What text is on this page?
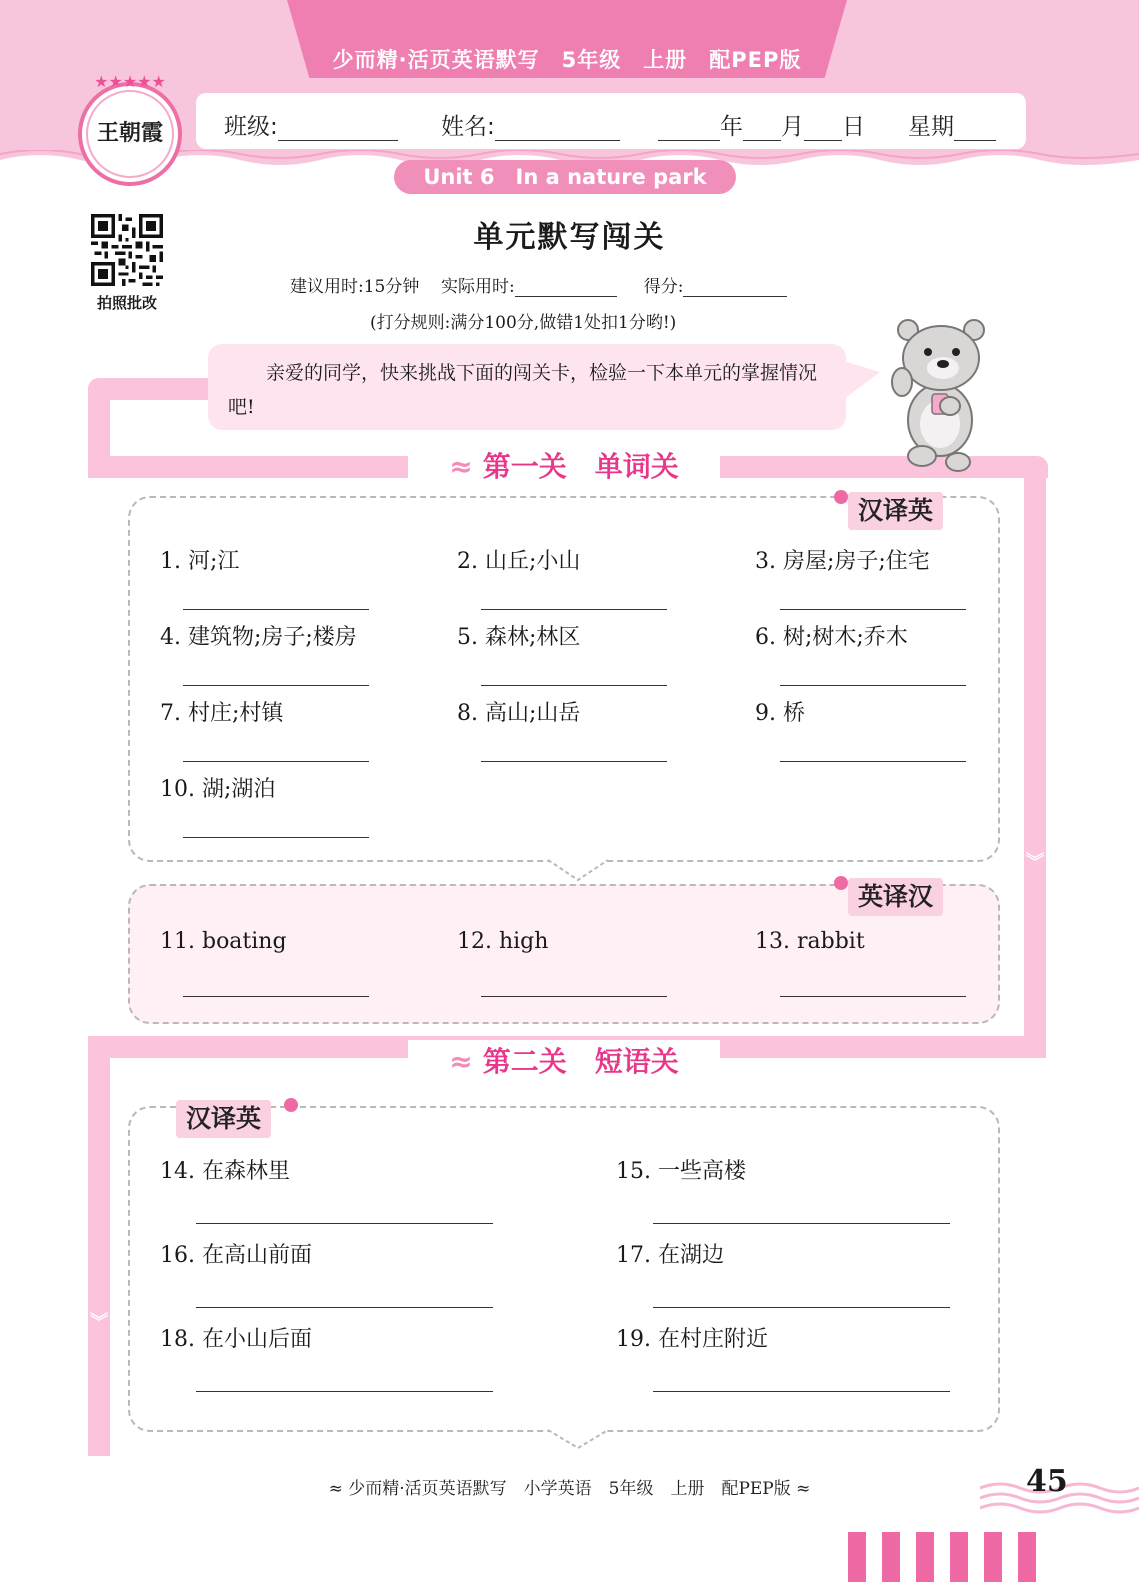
少而精·活页英语默写　5年级　上册　配PEP版
班级:	姓名:	年 月 日 星期
Unit 6　In a nature park
★★★★★
王朝霞
拍照批改
单元默写闯关
建议用时:15分钟 实际用时:	得分:
(打分规则:满分100分,做错1处扣1分哟!)
︾
︾
亲爱的同学，快来挑战下面的闯关卡，检验一下本单元的掌握情况吧!
≈ 第一关　单词关
汉译英
1. 河;江	2. 山丘;小山	3. 房屋;房子;住宅
4. 建筑物;房子;楼房	5. 森林;林区	6. 树;树木;乔木
7. 村庄;村镇	8. 高山;山岳	9. 桥
10. 湖;湖泊
英译汉
11. boating	12. high	13. rabbit
≈ 第二关　短语关
汉译英
14. 在森林里	15. 一些高楼
16. 在高山前面	17. 在湖边
18. 在小山后面	19. 在村庄附近
≈ 少而精·活页英语默写　小学英语　5年级　上册　配PEP版 ≈	45
